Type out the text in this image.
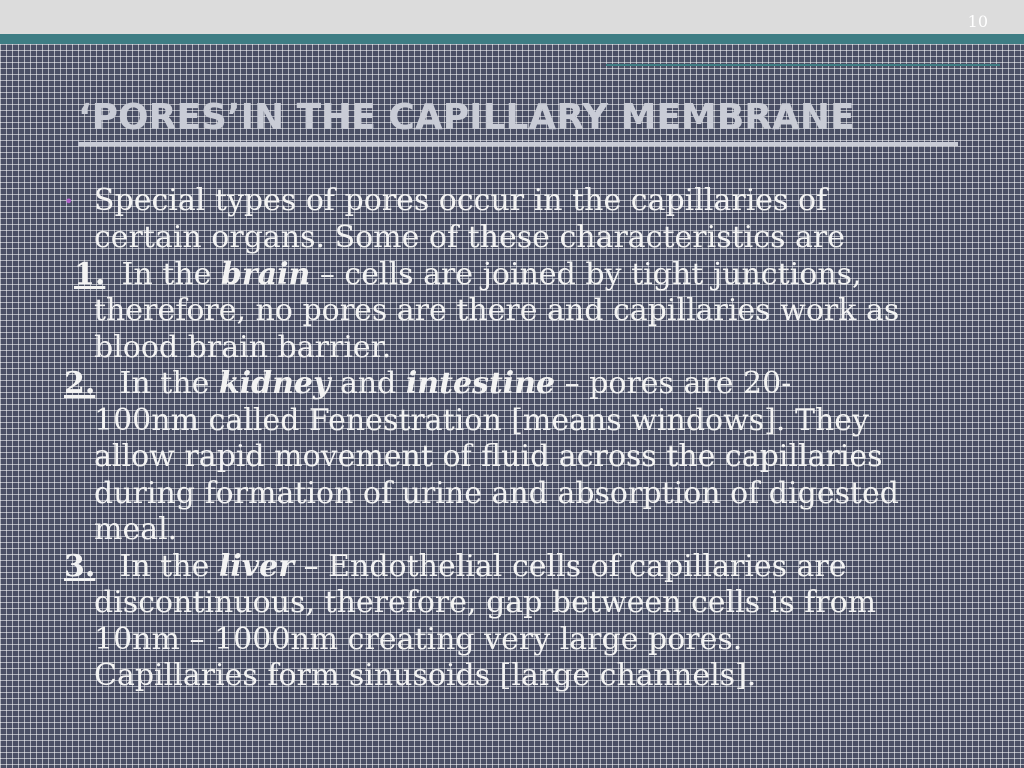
10
‘PORES’IN THE CAPILLARY MEMBRANE
• Special types of pores occur in the capillaries of
certain organs. Some of these characteristics are
1. In the brain – cells are joined by tight junctions,
therefore, no pores are there and capillaries work as
blood brain barrier.
2. In the kidney and intestine – pores are 20-
100nm called Fenestration [means windows]. They
allow rapid movement of fluid across the capillaries
during formation of urine and absorption of digested
meal.
3. In the liver – Endothelial cells of capillaries are
discontinuous, therefore, gap between cells is from
10nm – 1000nm creating very large pores.
Capillaries form sinusoids [large channels].
